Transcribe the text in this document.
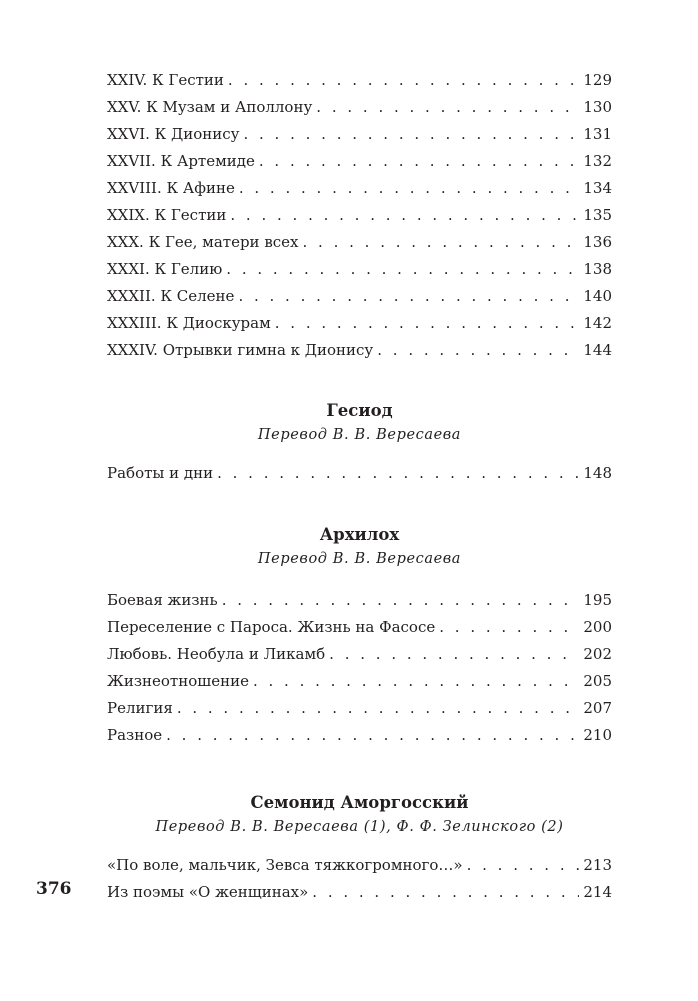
XXIV. К Гестии . . .	129
XXV. К Музам и Аполлону . . .	130
XXVI. К Дионису . . .	131
XXVII. К Артемиде . . .	132
XXVIII. К Афине . . .	134
XXIX. К Гестии . . .	135
XXX. К Гее, матери всех . . .	136
XXXI. К Гелию . . .	138
XXXII. К Селене . . .	140
XXXIII. К Диоскурам . . .	142
XXXIV. Отрывки гимна к Дионису . . .	144
Гесиод
Перевод В. В. Вересаева
Работы и дни . . .	148
Архилох
Перевод В. В. Вересаева
Боевая жизнь . . .	195
Переселение с Пароса. Жизнь на Фасосе . . .	200
Любовь. Необула и Ликамб . . .	202
Жизнеотношение . . .	205
Религия . . .	207
Разное . . .	210
Семонид Аморгосский
Перевод В. В. Вересаева (1), Ф. Ф. Зелинского (2)
«По воле, мальчик, Зевса тяжкогромного…» . . .	213
Из поэмы «О женщинах» . . .	214
376
